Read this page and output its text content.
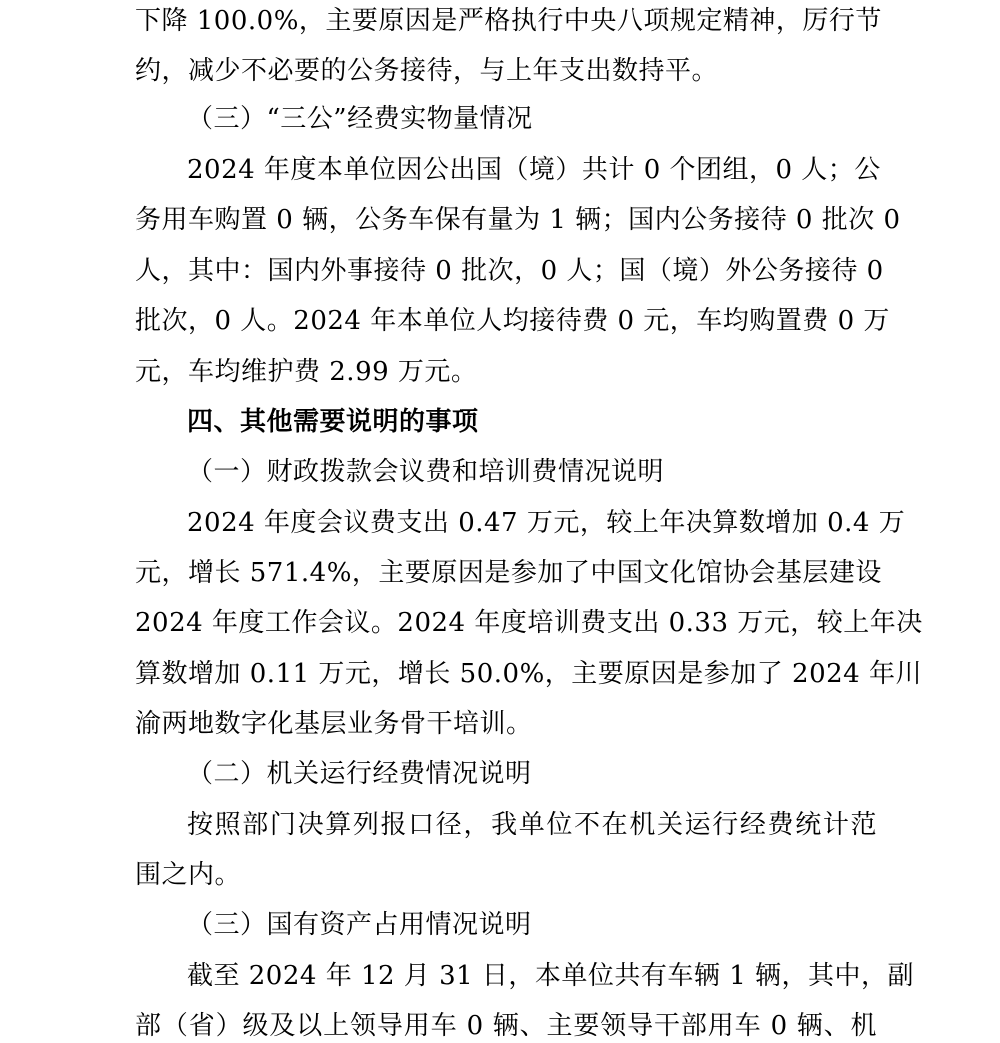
下降 100.0%，主要原因是严格执行中央八项规定精神，厉行节
约，减少不必要的公务接待，与上年支出数持平。
（三）“三公”经费实物量情况
2024 年度本单位因公出国（境）共计 0 个团组，0 人；公
务用车购置 0 辆，公务车保有量为 1 辆；国内公务接待 0 批次 0
人，其中：国内外事接待 0 批次，0 人；国（境）外公务接待 0
批次，0 人。2024 年本单位人均接待费 0 元，车均购置费 0 万
元，车均维护费 2.99 万元。
四、其他需要说明的事项
（一）财政拨款会议费和培训费情况说明
2024 年度会议费支出 0.47 万元，较上年决算数增加 0.4 万
元，增长 571.4%，主要原因是参加了中国文化馆协会基层建设
2024 年度工作会议。2024 年度培训费支出 0.33 万元，较上年决
算数增加 0.11 万元，增长 50.0%，主要原因是参加了 2024 年川
渝两地数字化基层业务骨干培训。
（二）机关运行经费情况说明
按照部门决算列报口径，我单位不在机关运行经费统计范
围之内。
（三）国有资产占用情况说明
截至 2024 年 12 月 31 日，本单位共有车辆 1 辆，其中，副
部（省）级及以上领导用车 0 辆、主要领导干部用车 0 辆、机
